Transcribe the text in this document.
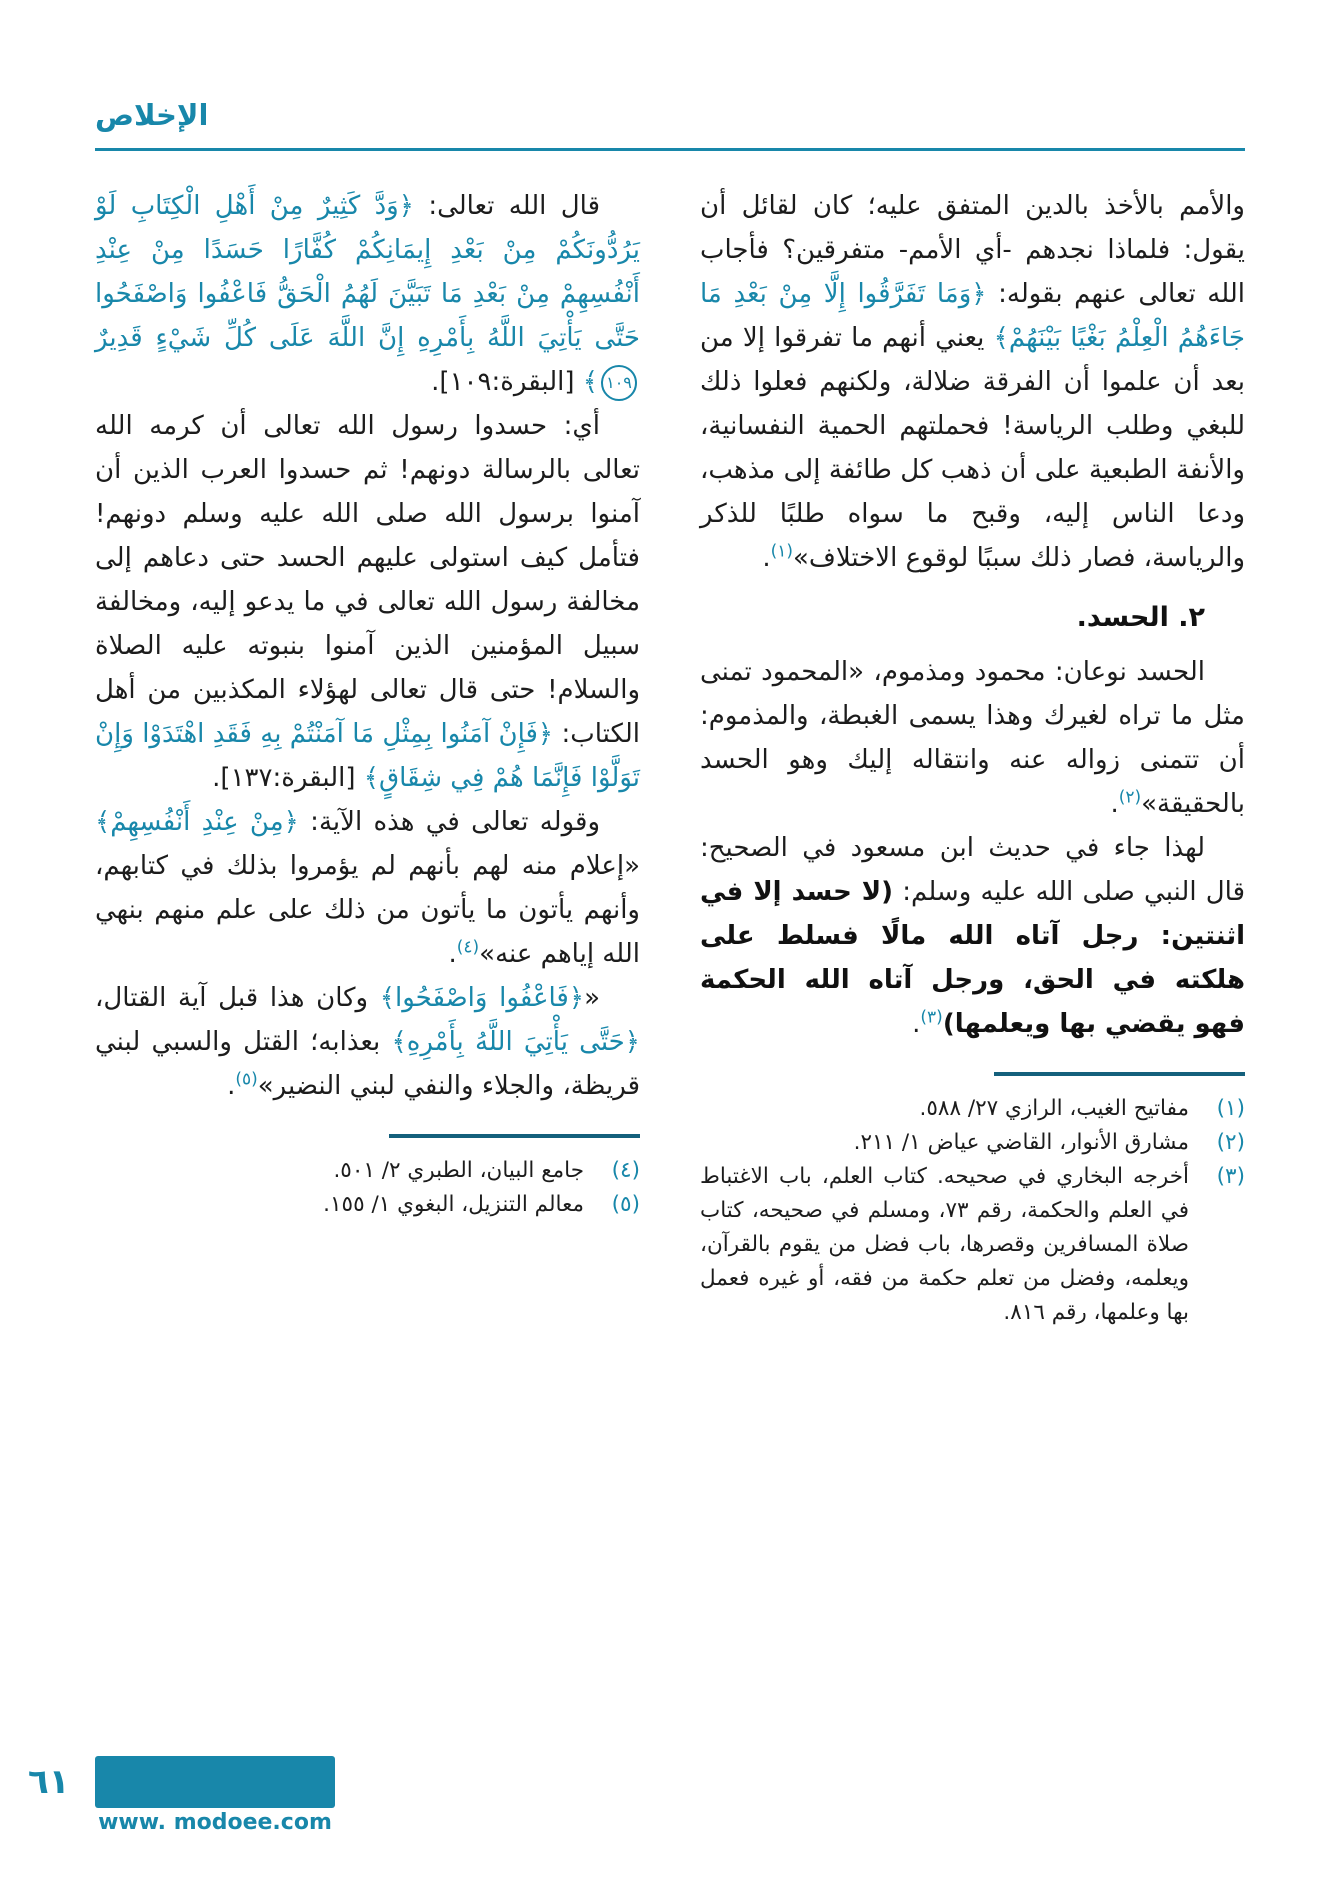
الإخلاص

والأمم بالأخذ بالدين المتفق عليه؛ كان لقائل أن يقول: فلماذا نجدهم -أي الأمم- متفرقين؟ فأجاب الله تعالى عنهم بقوله: ﴿وَمَا تَفَرَّقُوا إِلَّا مِنْ بَعْدِ مَا جَاءَهُمُ الْعِلْمُ بَغْيًا بَيْنَهُمْ﴾ يعني أنهم ما تفرقوا إلا من بعد أن علموا أن الفرقة ضلالة، ولكنهم فعلوا ذلك للبغي وطلب الرياسة! فحملتهم الحمية النفسانية، والأنفة الطبعية على أن ذهب كل طائفة إلى مذهب، ودعا الناس إليه، وقبح ما سواه طلبًا للذكر والرياسة، فصار ذلك سببًا لوقوع الاختلاف»$^{(١)}$.

٢. الحسد.

الحسد نوعان: محمود ومذموم، «المحمود تمنى مثل ما تراه لغيرك وهذا يسمى الغبطة، والمذموم: أن تتمنى زواله عنه وانتقاله إليك وهو الحسد بالحقيقة»$^{(٢)}$.

لهذا جاء في حديث ابن مسعود في الصحيح: قال النبي صلى الله عليه وسلم: (لا حسد إلا في اثنتين: رجل آتاه الله مالًا فسلط على هلكته في الحق، ورجل آتاه الله الحكمة فهو يقضي بها ويعلمها)$^{(٣)}$.

(١)
مفاتيح الغيب، الرازي ٢٧/ ٥٨٨.
(٢)
مشارق الأنوار، القاضي عياض ١/ ٢١١.
(٣)
أخرجه البخاري في صحيحه. كتاب العلم، باب الاغتباط في العلم والحكمة، رقم ٧٣، ومسلم في صحيحه، كتاب صلاة المسافرين وقصرها، باب فضل من يقوم بالقرآن، ويعلمه، وفضل من تعلم حكمة من فقه، أو غيره فعمل بها وعلمها، رقم ٨١٦.

قال الله تعالى: ﴿وَدَّ كَثِيرٌ مِنْ أَهْلِ الْكِتَابِ لَوْ يَرُدُّونَكُمْ مِنْ بَعْدِ إِيمَانِكُمْ كُفَّارًا حَسَدًا مِنْ عِنْدِ أَنْفُسِهِمْ مِنْ بَعْدِ مَا تَبَيَّنَ لَهُمُ الْحَقُّ فَاعْفُوا وَاصْفَحُوا حَتَّى يَأْتِيَ اللَّهُ بِأَمْرِهِ إِنَّ اللَّهَ عَلَى كُلِّ شَيْءٍ قَدِيرٌ ١٠٩﴾ [البقرة:١٠٩].

أي: حسدوا رسول الله تعالى أن كرمه الله تعالى بالرسالة دونهم! ثم حسدوا العرب الذين أن آمنوا برسول الله صلى الله عليه وسلم دونهم! فتأمل كيف استولى عليهم الحسد حتى دعاهم إلى مخالفة رسول الله تعالى في ما يدعو إليه، ومخالفة سبيل المؤمنين الذين آمنوا بنبوته عليه الصلاة والسلام! حتى قال تعالى لهؤلاء المكذبين من أهل الكتاب: ﴿فَإِنْ آمَنُوا بِمِثْلِ مَا آمَنْتُمْ بِهِ فَقَدِ اهْتَدَوْا وَإِنْ تَوَلَّوْا فَإِنَّمَا هُمْ فِي شِقَاقٍ﴾ [البقرة:١٣٧].

وقوله تعالى في هذه الآية: ﴿مِنْ عِنْدِ أَنْفُسِهِمْ﴾ «إعلام منه لهم بأنهم لم يؤمروا بذلك في كتابهم، وأنهم يأتون ما يأتون من ذلك على علم منهم بنهي الله إياهم عنه»$^{(٤)}$.

«﴿فَاعْفُوا وَاصْفَحُوا﴾ وكان هذا قبل آية القتال، ﴿حَتَّى يَأْتِيَ اللَّهُ بِأَمْرِهِ﴾ بعذابه؛ القتل والسبي لبني قريظة، والجلاء والنفي لبني النضير»$^{(٥)}$.

(٤)
جامع البيان، الطبري ٢/ ٥٠١.
(٥)
معالم التنزيل، البغوي ١/ ١٥٥.
٦١
www. modoee.com
